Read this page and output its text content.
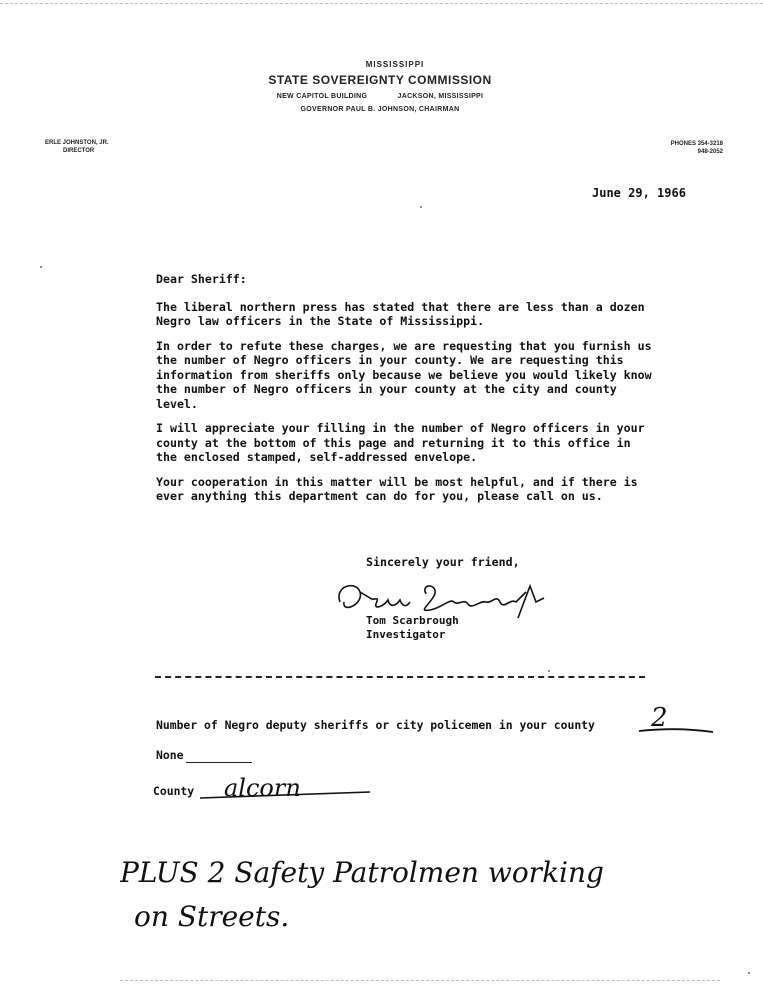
MISSISSIPPI
STATE SOVEREIGNTY COMMISSION
NEW CAPITOL BUILDING	JACKSON, MISSISSIPPI
GOVERNOR PAUL B. JOHNSON, CHAIRMAN
ERLE JOHNSTON, JR.
DIRECTOR
PHONES 354-3218
948-2052
June 29, 1966

Dear Sheriff:

The liberal northern press has stated that there are less than a dozen Negro law officers in the State of Mississippi.

In order to refute these charges, we are requesting that you furnish us the number of Negro officers in your county. We are requesting this information from sheriffs only because we believe you would likely know the number of Negro officers in your county at the city and county level.

I will appreciate your filling in the number of Negro officers in your county at the bottom of this page and returning it to this office in the enclosed stamped, self-addressed envelope.

Your cooperation in this matter will be most helpful, and if there is ever anything this department can do for you, please call on us.

Sincerely your friend,
Tom Scarbrough
Investigator
Number of Negro deputy sheriffs or city policemen in your county 2
None
County alcorn
PLUS 2 Safety Patrolmen working
on Streets.
